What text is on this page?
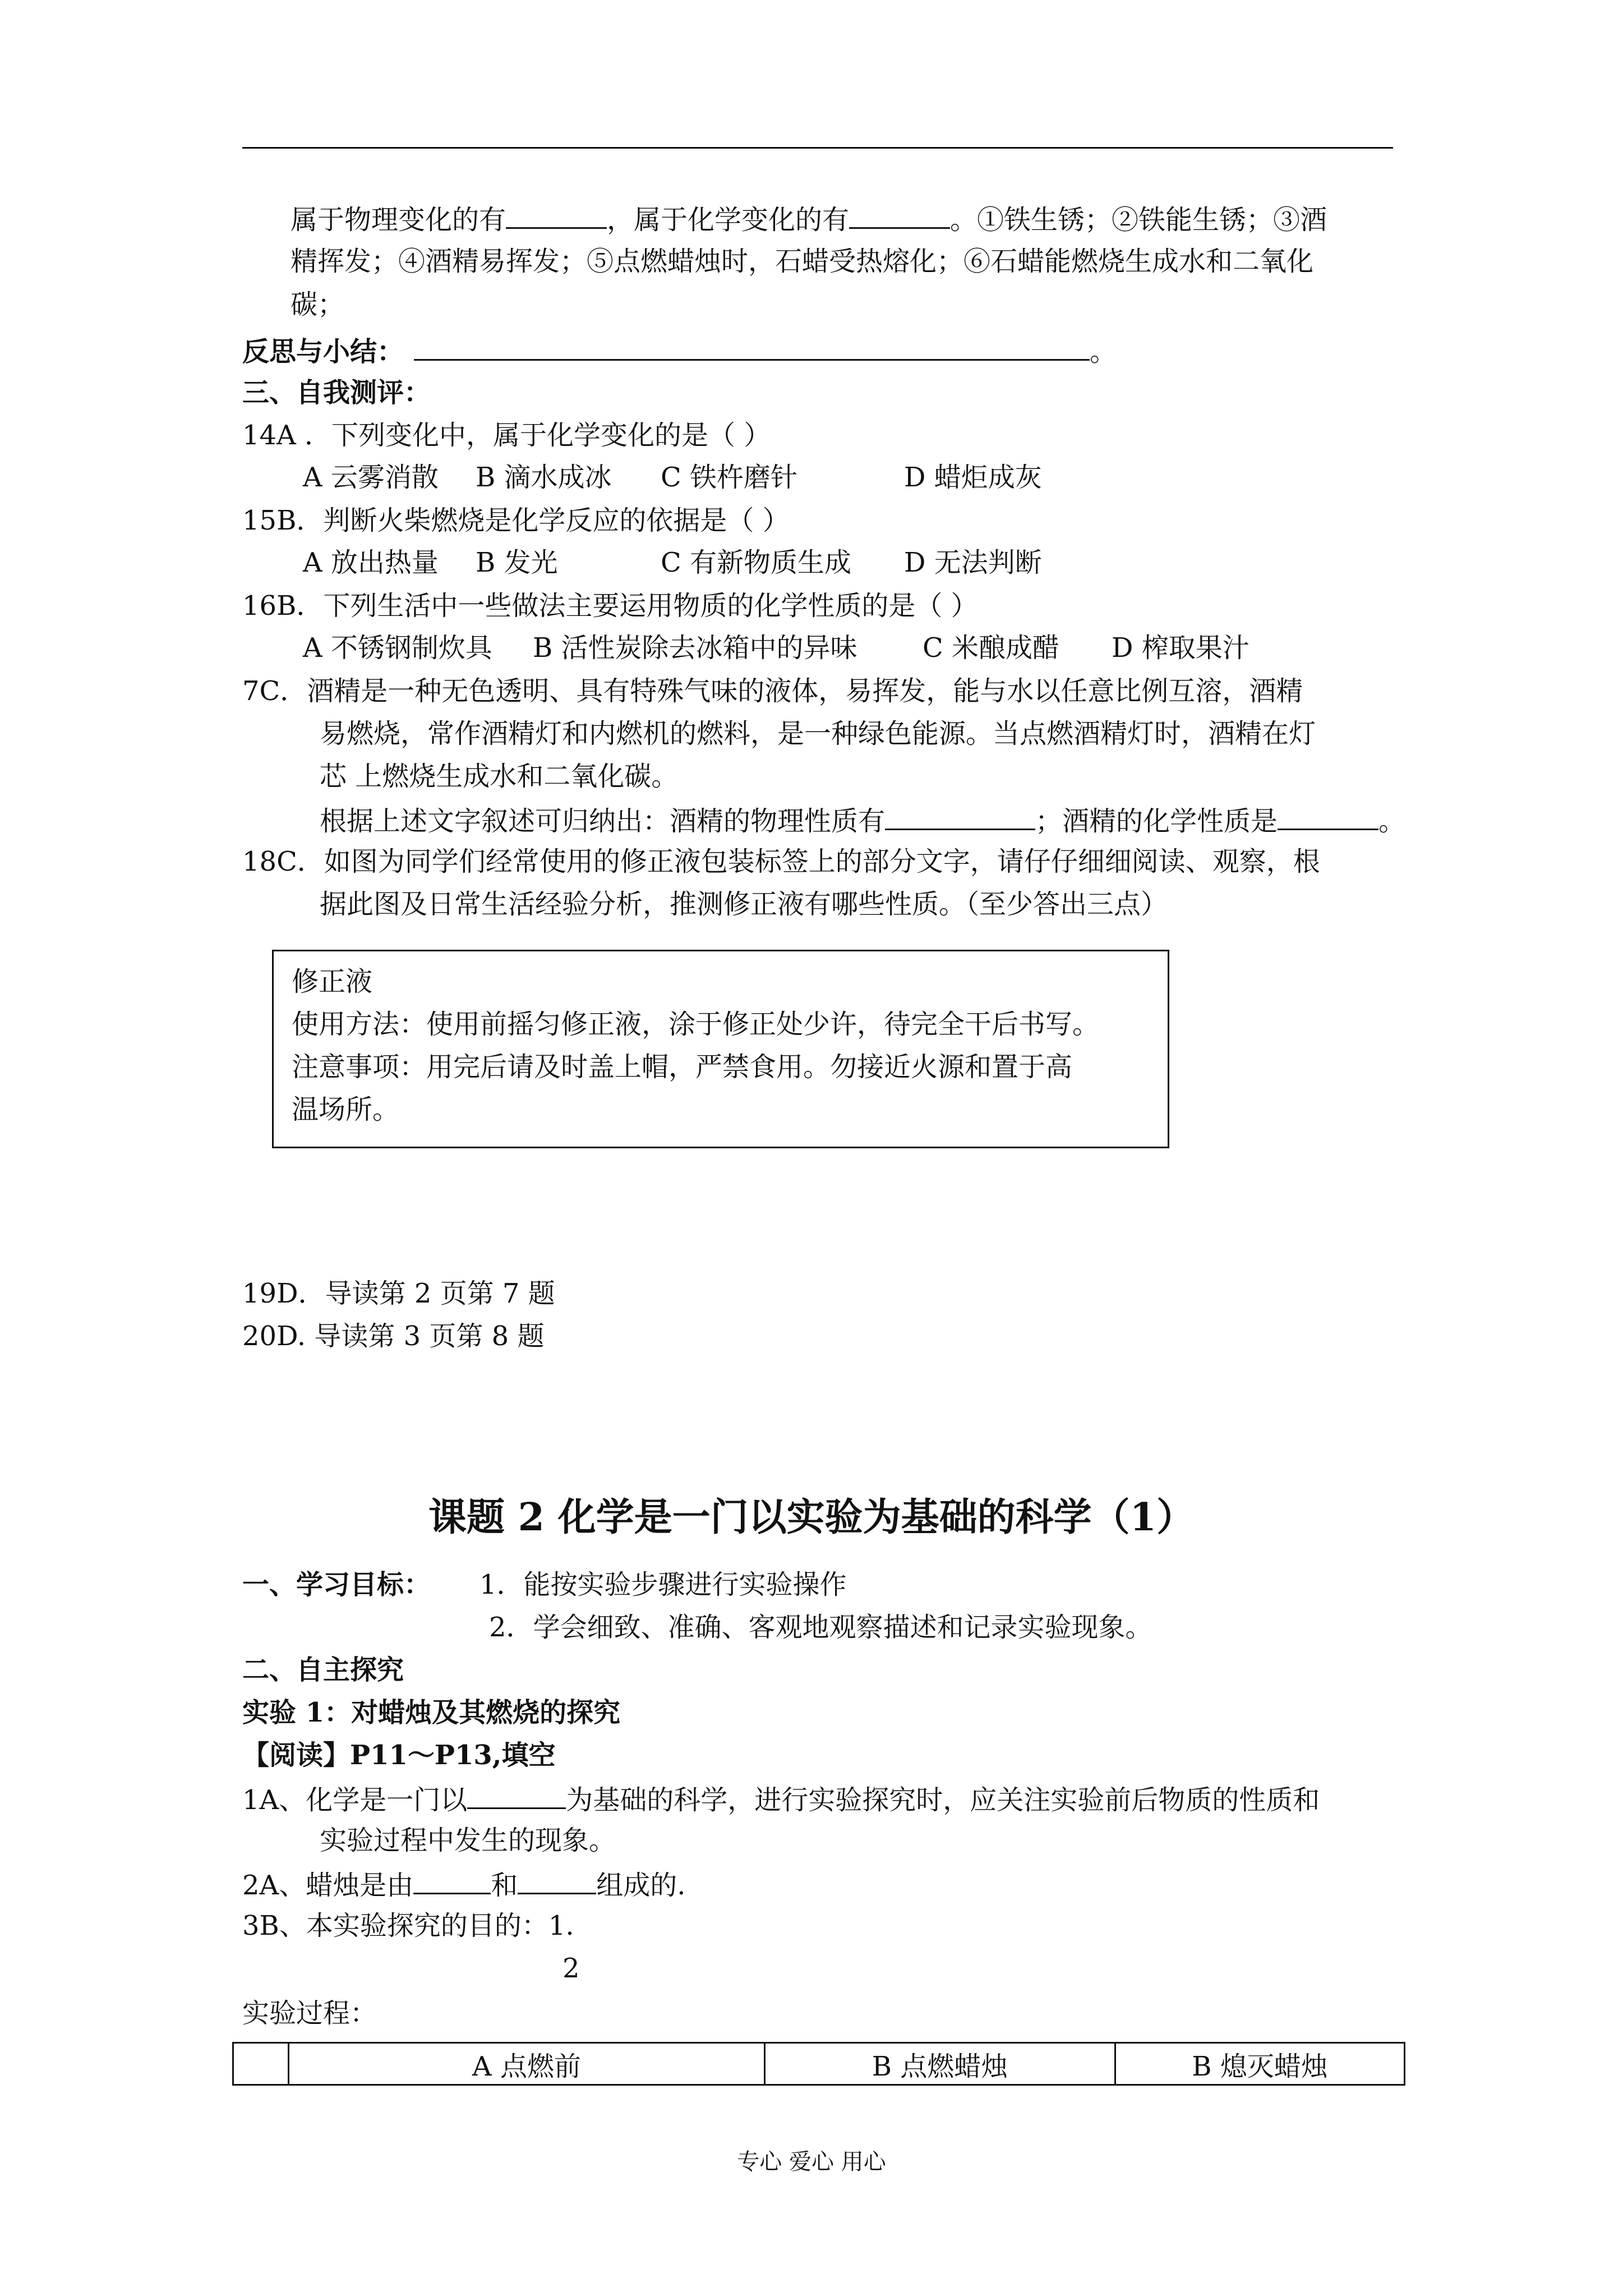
属于物理变化的有	，属于化学变化的有	。①铁生锈；②铁能生锈；③酒
精挥发；④酒精易挥发；⑤点燃蜡烛时，石蜡受热熔化；⑥石蜡能燃烧生成水和二氧化
碳；
反思与小结：	。
三、自我测评：
14A ．下列变化中，属于化学变化的是（ ）
A 云雾消散 B 滴水成冰 C 铁杵磨针	D 蜡炬成灰
15B．判断火柴燃烧是化学反应的依据是（ ）
A 放出热量 B 发光	C 有新物质生成 D 无法判断
16B．下列生活中一些做法主要运用物质的化学性质的是（ ）
A 不锈钢制炊具 B 活性炭除去冰箱中的异味 C 米酿成醋 D 榨取果汁
7C．酒精是一种无色透明、具有特殊气味的液体，易挥发，能与水以任意比例互溶，酒精
易燃烧，常作酒精灯和内燃机的燃料，是一种绿色能源。当点燃酒精灯时，酒精在灯
芯 上燃烧生成水和二氧化碳。
根据上述文字叙述可归纳出：酒精的物理性质有	；酒精的化学性质是	。
18C．如图为同学们经常使用的修正液包装标签上的部分文字，请仔仔细细阅读、观察，根
据此图及日常生活经验分析，推测修正液有哪些性质。（至少答出三点）
修正液
使用方法：使用前摇匀修正液，涂于修正处少许，待完全干后书写。
注意事项：用完后请及时盖上帽，严禁食用。勿接近火源和置于高
温场所。
19D．导读第 2 页第 7 题
20D. 导读第 3 页第 8 题
课题 2 化学是一门以实验为基础的科学（1）
一、学习目标： 1．能按实验步骤进行实验操作
2．学会细致、准确、客观地观察描述和记录实验现象。
二、自主探究
实验 1：对蜡烛及其燃烧的探究
【阅读】P11～P13,填空
1A、化学是一门以	为基础的科学，进行实验探究时，应关注实验前后物质的性质和
实验过程中发生的现象。
2A、蜡烛是由	和	组成的.
3B、本实验探究的目的：1.
2
实验过程：
	A 点燃前	B 点燃蜡烛	B 熄灭蜡烛
专心 爱心 用心
